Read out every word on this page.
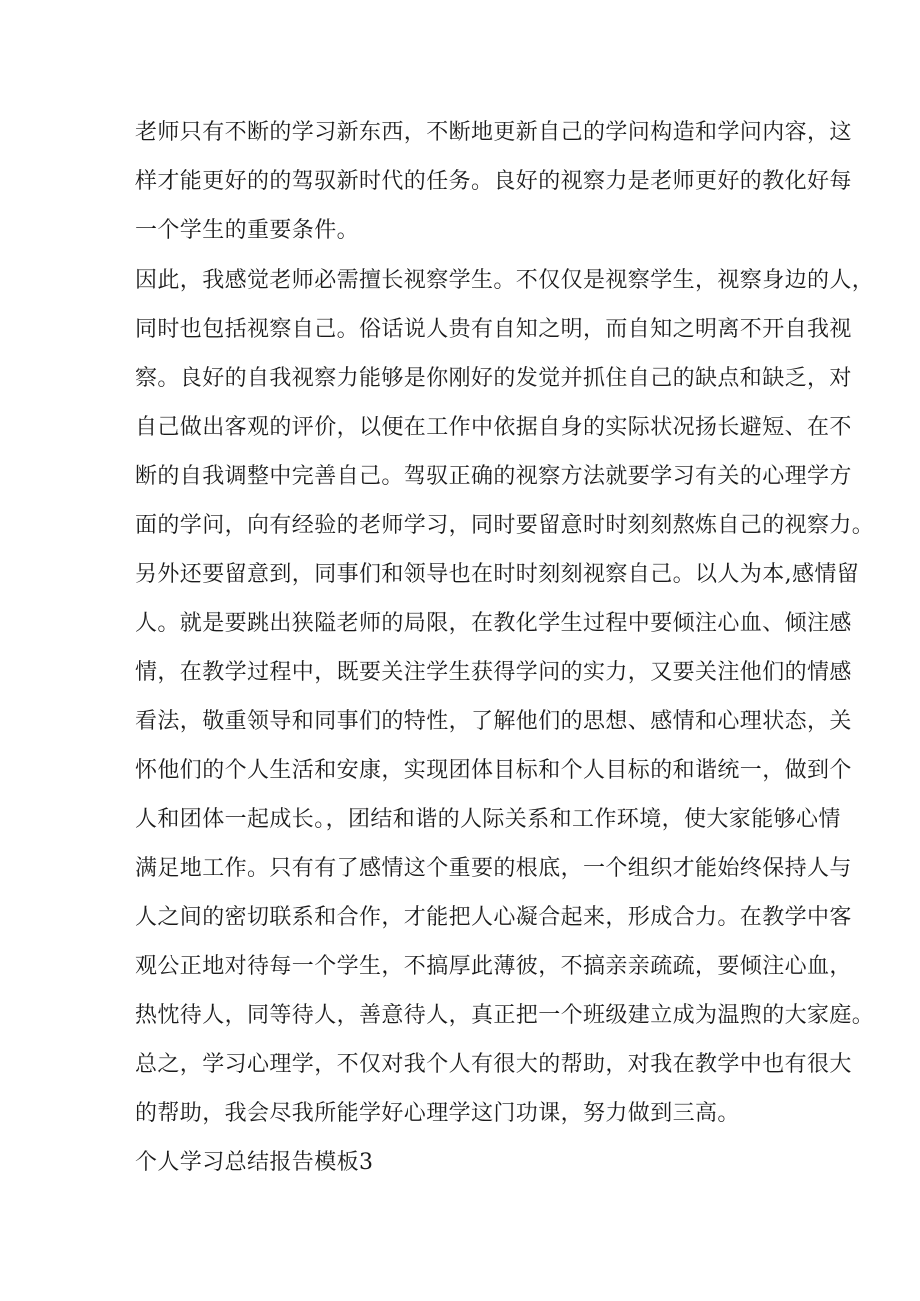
老师只有不断的学习新东西，不断地更新自己的学问构造和学问内容，这

样才能更好的的驾驭新时代的任务。良好的视察力是老师更好的教化好每

一个学生的重要条件。

因此，我感觉老师必需擅长视察学生。不仅仅是视察学生，视察身边的人，

同时也包括视察自己。俗话说人贵有自知之明，而自知之明离不开自我视

察。良好的自我视察力能够是你刚好的发觉并抓住自己的缺点和缺乏，对

自己做出客观的评价，以便在工作中依据自身的实际状况扬长避短、在不

断的自我调整中完善自己。驾驭正确的视察方法就要学习有关的心理学方

面的学问，向有经验的老师学习，同时要留意时时刻刻熬炼自己的视察力。

另外还要留意到，同事们和领导也在时时刻刻视察自己。以人为本,感情留

人。就是要跳出狭隘老师的局限，在教化学生过程中要倾注心血、倾注感

情，在教学过程中，既要关注学生获得学问的实力，又要关注他们的情感

看法，敬重领导和同事们的特性，了解他们的思想、感情和心理状态，关

怀他们的个人生活和安康，实现团体目标和个人目标的和谐统一，做到个

人和团体一起成长。，团结和谐的人际关系和工作环境，使大家能够心情

满足地工作。只有有了感情这个重要的根底，一个组织才能始终保持人与

人之间的密切联系和合作，才能把人心凝合起来，形成合力。在教学中客

观公正地对待每一个学生，不搞厚此薄彼，不搞亲亲疏疏，要倾注心血，

热忱待人，同等待人，善意待人，真正把一个班级建立成为温煦的大家庭。

总之，学习心理学，不仅对我个人有很大的帮助，对我在教学中也有很大

的帮助，我会尽我所能学好心理学这门功课，努力做到三高。

个人学习总结报告模板3
